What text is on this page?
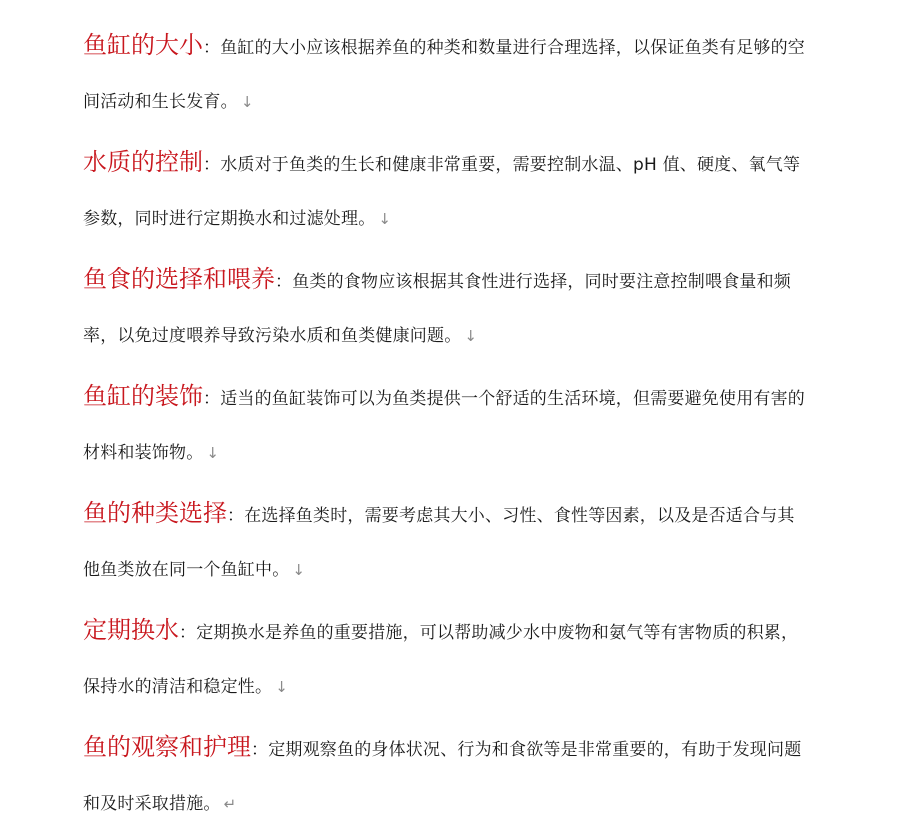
鱼缸的大小：鱼缸的大小应该根据养鱼的种类和数量进行合理选择，以保证鱼类有足够的空间活动和生长发育。 ↓

水质的控制：水质对于鱼类的生长和健康非常重要，需要控制水温、pH 值、硬度、氧气等参数，同时进行定期换水和过滤处理。 ↓

鱼食的选择和喂养：鱼类的食物应该根据其食性进行选择，同时要注意控制喂食量和频率，以免过度喂养导致污染水质和鱼类健康问题。 ↓

鱼缸的装饰：适当的鱼缸装饰可以为鱼类提供一个舒适的生活环境，但需要避免使用有害的材料和装饰物。 ↓

鱼的种类选择：在选择鱼类时，需要考虑其大小、习性、食性等因素，以及是否适合与其他鱼类放在同一个鱼缸中。 ↓

定期换水：定期换水是养鱼的重要措施，可以帮助减少水中废物和氨气等有害物质的积累，保持水的清洁和稳定性。 ↓

鱼的观察和护理：定期观察鱼的身体状况、行为和食欲等是非常重要的，有助于发现问题和及时采取措施。 ↵
